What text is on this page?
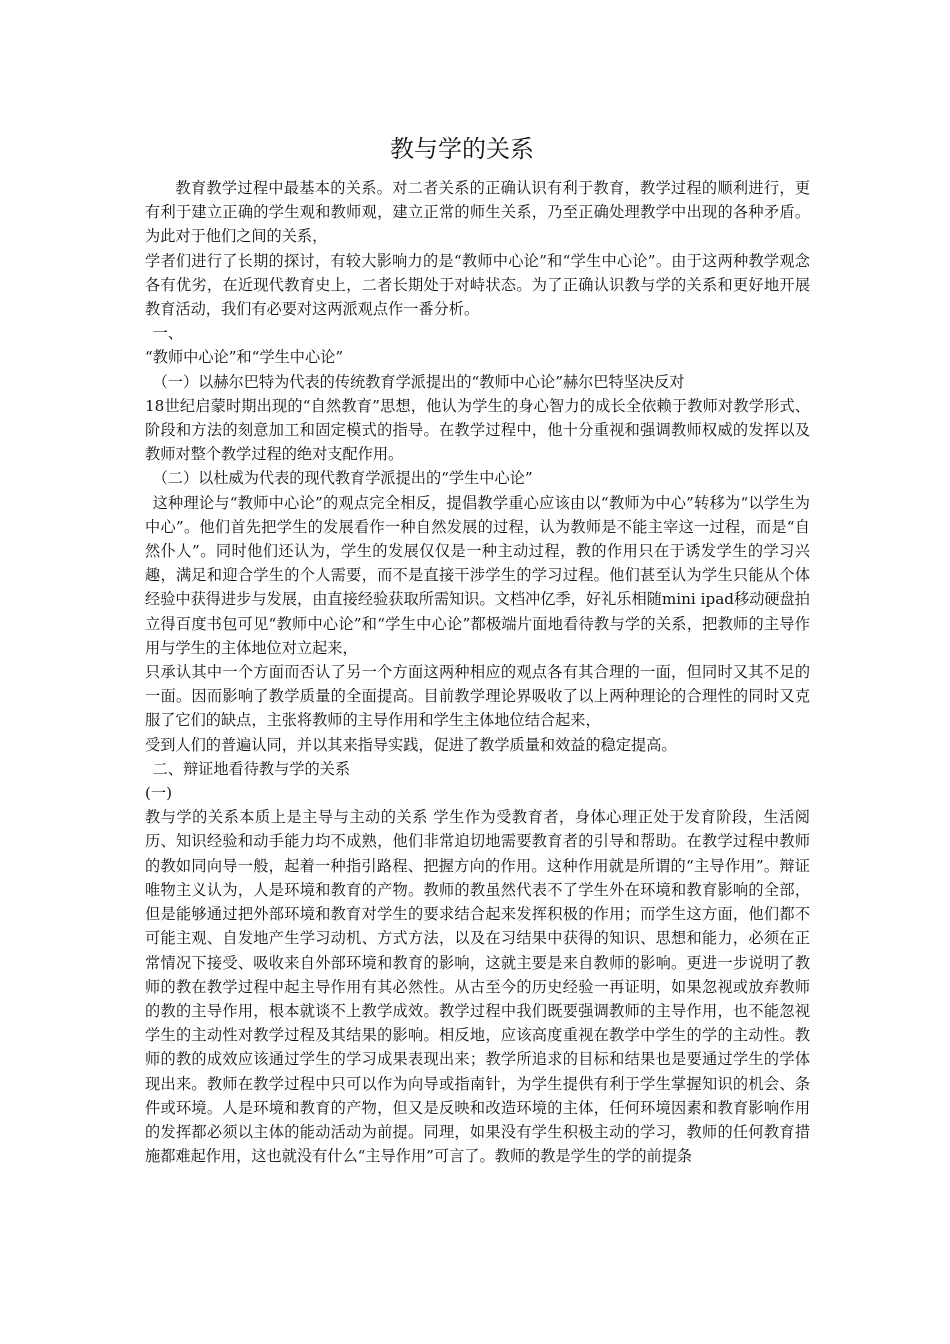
教与学的关系

教育教学过程中最基本的关系。对二者关系的正确认识有利于教育，教学过程的顺利进行，更有利于建立正确的学生观和教师观，建立正常的师生关系，乃至正确处理教学中出现的各种矛盾。为此对于他们之间的关系，

学者们进行了长期的探讨，有较大影响力的是“教师中心论”和“学生中心论”。由于这两种教学观念各有优劣，在近现代教育史上，二者长期处于对峙状态。为了正确认识教与学的关系和更好地开展教育活动，我们有必要对这两派观点作一番分析。

一、

“教师中心论”和“学生中心论”

（一）以赫尔巴特为代表的传统教育学派提出的“教师中心论”赫尔巴特坚决反对

18世纪启蒙时期出现的“自然教育”思想，他认为学生的身心智力的成长全依赖于教师对教学形式、阶段和方法的刻意加工和固定模式的指导。在教学过程中，他十分重视和强调教师权威的发挥以及教师对整个教学过程的绝对支配作用。

（二）以杜威为代表的现代教育学派提出的“学生中心论”

这种理论与“教师中心论”的观点完全相反，提倡教学重心应该由以“教师为中心”转移为“以学生为中心”。他们首先把学生的发展看作一种自然发展的过程，认为教师是不能主宰这一过程，而是“自然仆人”。同时他们还认为，学生的发展仅仅是一种主动过程，教的作用只在于诱发学生的学习兴趣，满足和迎合学生的个人需要，而不是直接干涉学生的学习过程。他们甚至认为学生只能从个体经验中获得进步与发展，由直接经验获取所需知识。文档冲亿季，好礼乐相随mini ipad移动硬盘拍立得百度书包可见“教师中心论”和“学生中心论”都极端片面地看待教与学的关系，把教师的主导作用与学生的主体地位对立起来，

只承认其中一个方面而否认了另一个方面这两种相应的观点各有其合理的一面，但同时又其不足的一面。因而影响了教学质量的全面提高。目前教学理论界吸收了以上两种理论的合理性的同时又克服了它们的缺点，主张将教师的主导作用和学生主体地位结合起来，

受到人们的普遍认同，并以其来指导实践，促进了教学质量和效益的稳定提高。

二、辩证地看待教与学的关系

(一)

教与学的关系本质上是主导与主动的关系 学生作为受教育者，身体心理正处于发育阶段，生活阅历、知识经验和动手能力均不成熟，他们非常迫切地需要教育者的引导和帮助。在教学过程中教师的教如同向导一般，起着一种指引路程、把握方向的作用。这种作用就是所谓的“主导作用”。辩证唯物主义认为，人是环境和教育的产物。教师的教虽然代表不了学生外在环境和教育影响的全部，但是能够通过把外部环境和教育对学生的要求结合起来发挥积极的作用；而学生这方面，他们都不可能主观、自发地产生学习动机、方式方法，以及在习结果中获得的知识、思想和能力，必须在正常情况下接受、吸收来自外部环境和教育的影响，这就主要是来自教师的影响。更进一步说明了教师的教在教学过程中起主导作用有其必然性。从古至今的历史经验一再证明，如果忽视或放弃教师的教的主导作用，根本就谈不上教学成效。教学过程中我们既要强调教师的主导作用，也不能忽视学生的主动性对教学过程及其结果的影响。相反地，应该高度重视在教学中学生的学的主动性。教师的教的成效应该通过学生的学习成果表现出来；教学所追求的目标和结果也是要通过学生的学体现出来。教师在教学过程中只可以作为向导或指南针，为学生提供有利于学生掌握知识的机会、条件或环境。人是环境和教育的产物，但又是反映和改造环境的主体，任何环境因素和教育影响作用的发挥都必须以主体的能动活动为前提。同理，如果没有学生积极主动的学习，教师的任何教育措施都难起作用，这也就没有什么“主导作用”可言了。教师的教是学生的学的前提条
